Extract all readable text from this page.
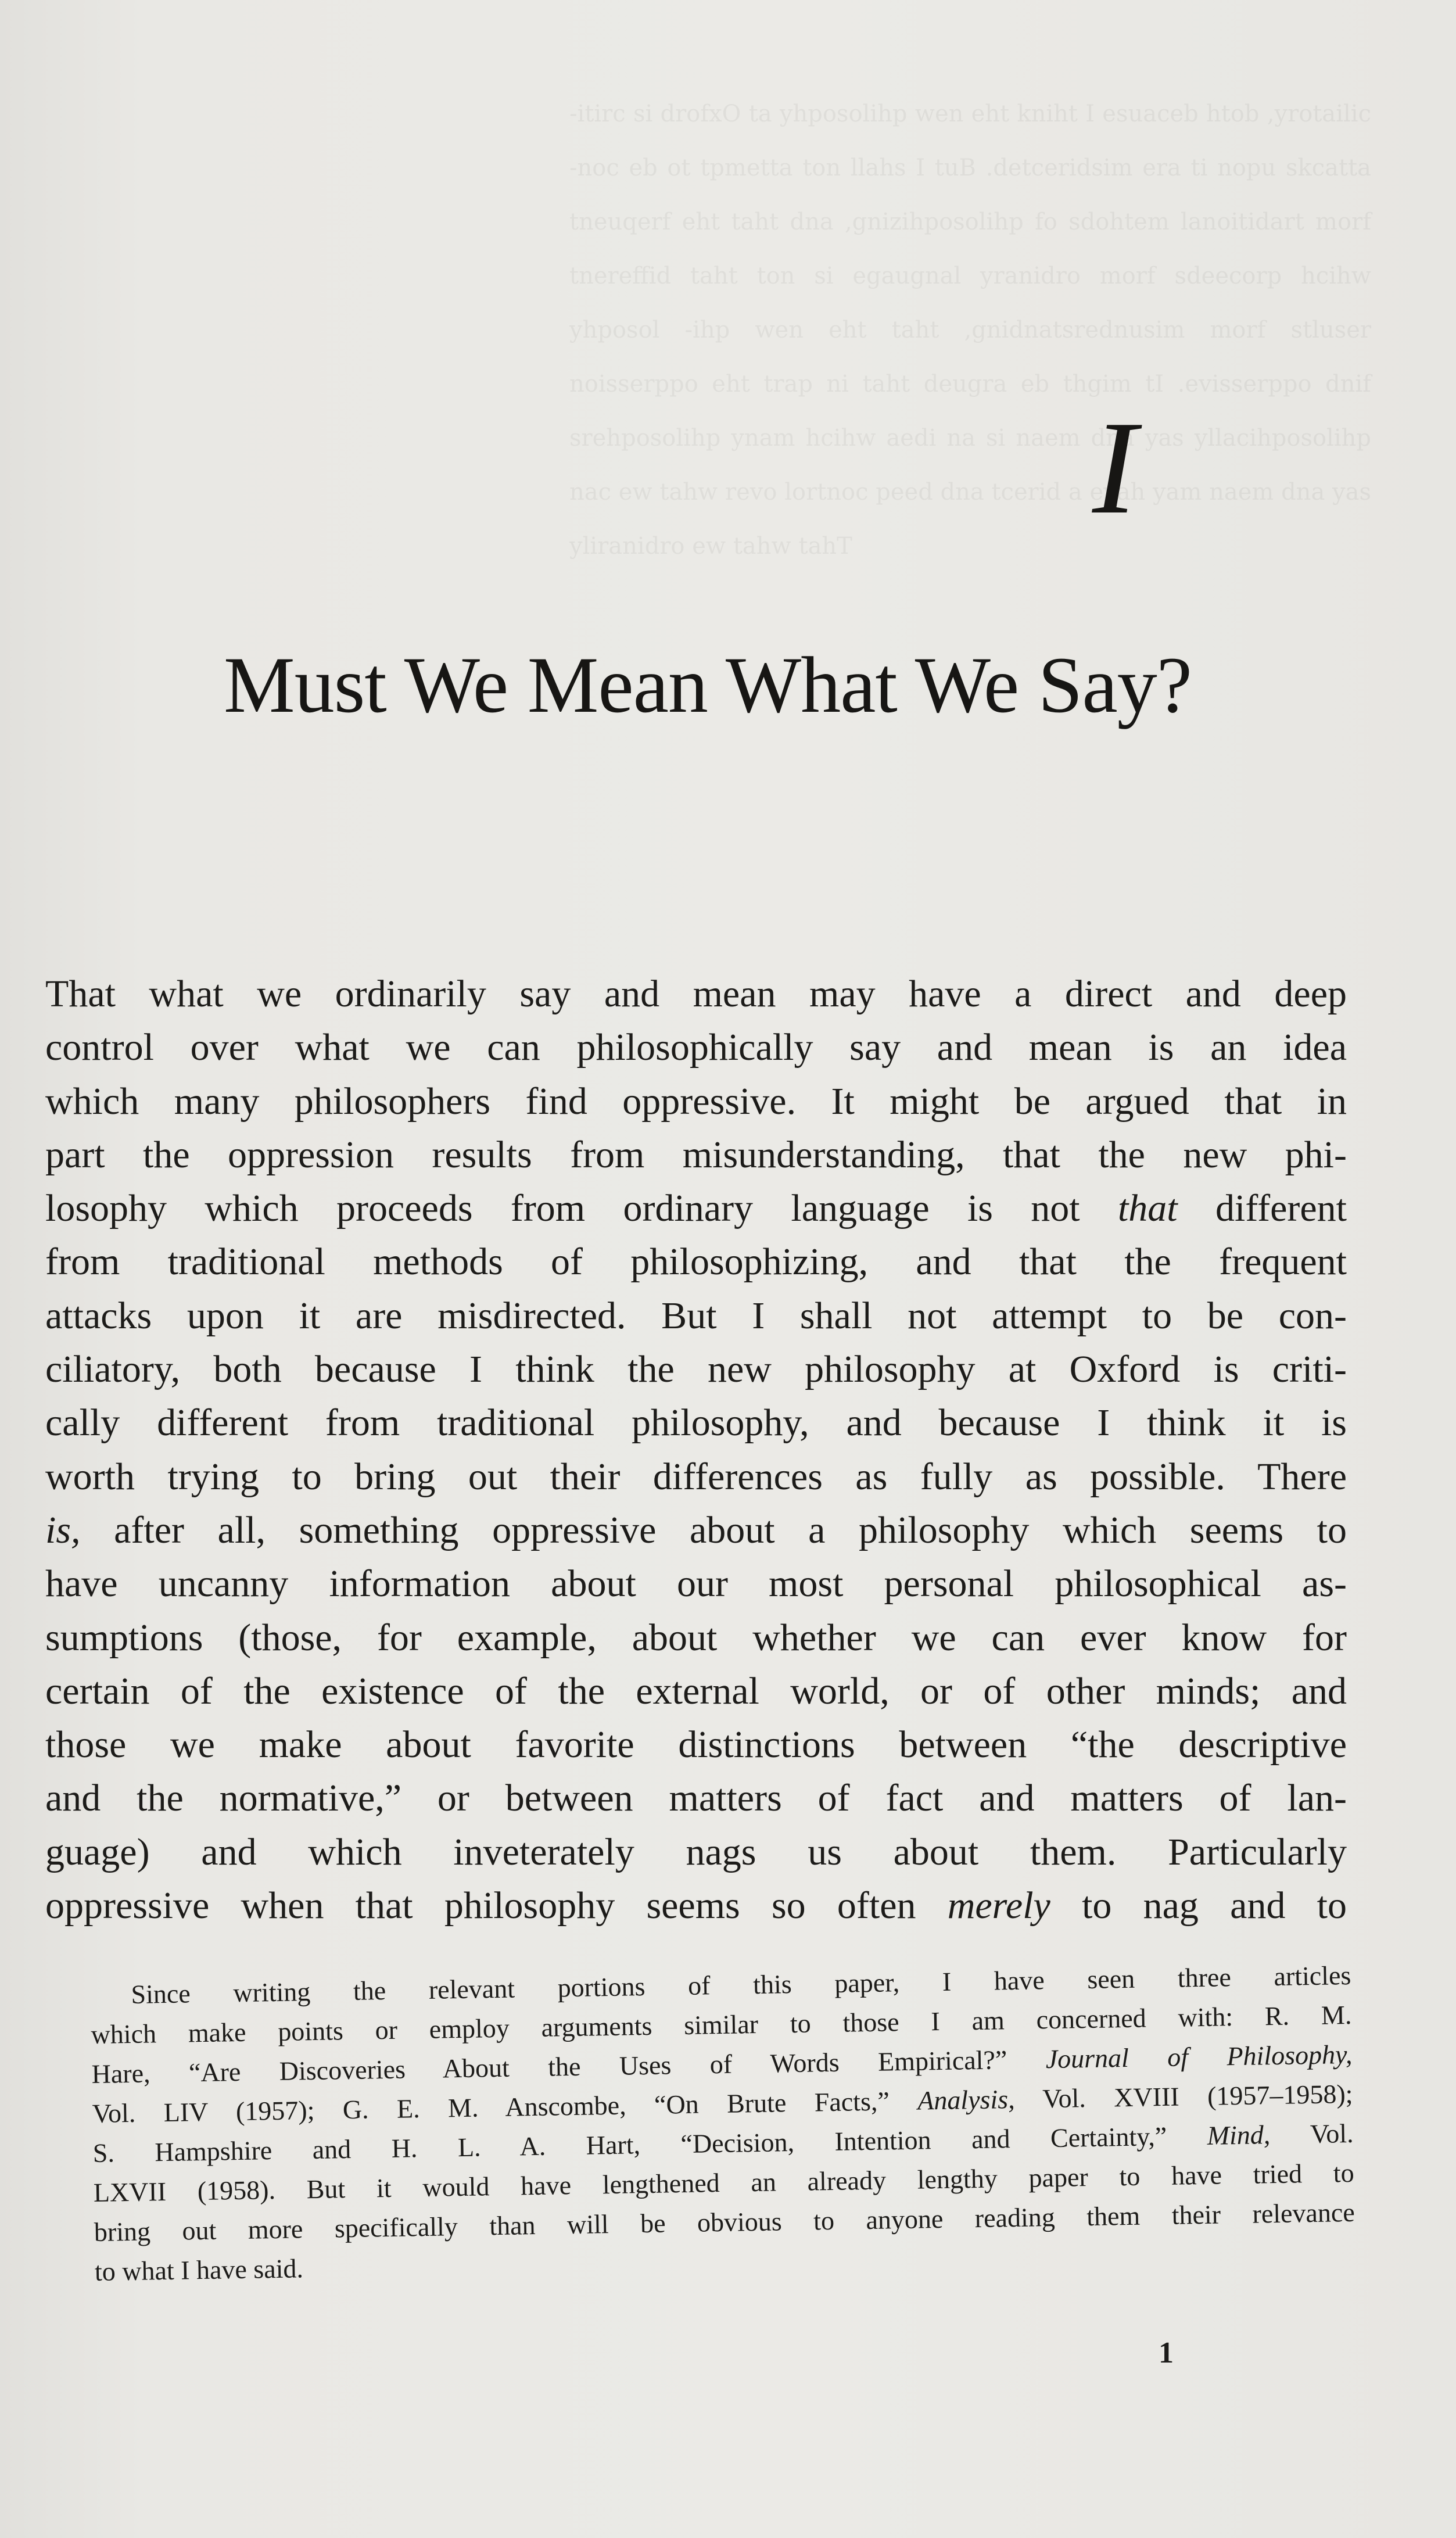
-itirc si drofxO ta yhposolihp wen eht kniht I esuaceb htob ,yrotailic -noc eb ot tpmetta ton llahs I tuB .detceridsim era ti nopu skcatta tneuqerf eht taht dna ,gnizihposolihp fo sdohtem lanoitidart morf tnereffid taht ton si egaugnal yranidro morf sdeecorp hcihw yhposol -ihp wen eht taht ,gnidnatsrednusim morf stluser noisserppo eht trap ni taht deugra eb thgim tI .evisserppo dnif srehposolihp ynam hcihw aedi na si naem dna yas yllacihposolihp nac ew tahw revo lortnoc peed dna tcerid a evah yam naem dna yas yliranidro ew tahw tahT
I
Must We Mean What We Say?
That what we ordinarily say and mean may have a direct and deep
control over what we can philosophically say and mean is an idea
which many philosophers find oppressive. It might be argued that in
part the oppression results from misunderstanding, that the new phi-
losophy which proceeds from ordinary language is not that different
from traditional methods of philosophizing, and that the frequent
attacks upon it are misdirected. But I shall not attempt to be con-
ciliatory, both because I think the new philosophy at Oxford is criti-
cally different from traditional philosophy, and because I think it is
worth trying to bring out their differences as fully as possible. There
is, after all, something oppressive about a philosophy which seems to
have uncanny information about our most personal philosophical as-
sumptions (those, for example, about whether we can ever know for
certain of the existence of the external world, or of other minds; and
those we make about favorite distinctions between “the descriptive
and the normative,” or between matters of fact and matters of lan-
guage) and which inveterately nags us about them. Particularly
oppressive when that philosophy seems so often merely to nag and to
Since writing the relevant portions of this paper, I have seen three articles
which make points or employ arguments similar to those I am concerned with: R. M.
Hare, “Are Discoveries About the Uses of Words Empirical?” Journal of Philosophy,
Vol. LIV (1957); G. E. M. Anscombe, “On Brute Facts,” Analysis, Vol. XVIII (1957–1958);
S. Hampshire and H. L. A. Hart, “Decision, Intention and Certainty,” Mind, Vol.
LXVII (1958). But it would have lengthened an already lengthy paper to have tried to
bring out more specifically than will be obvious to anyone reading them their relevance
to what I have said.
1
